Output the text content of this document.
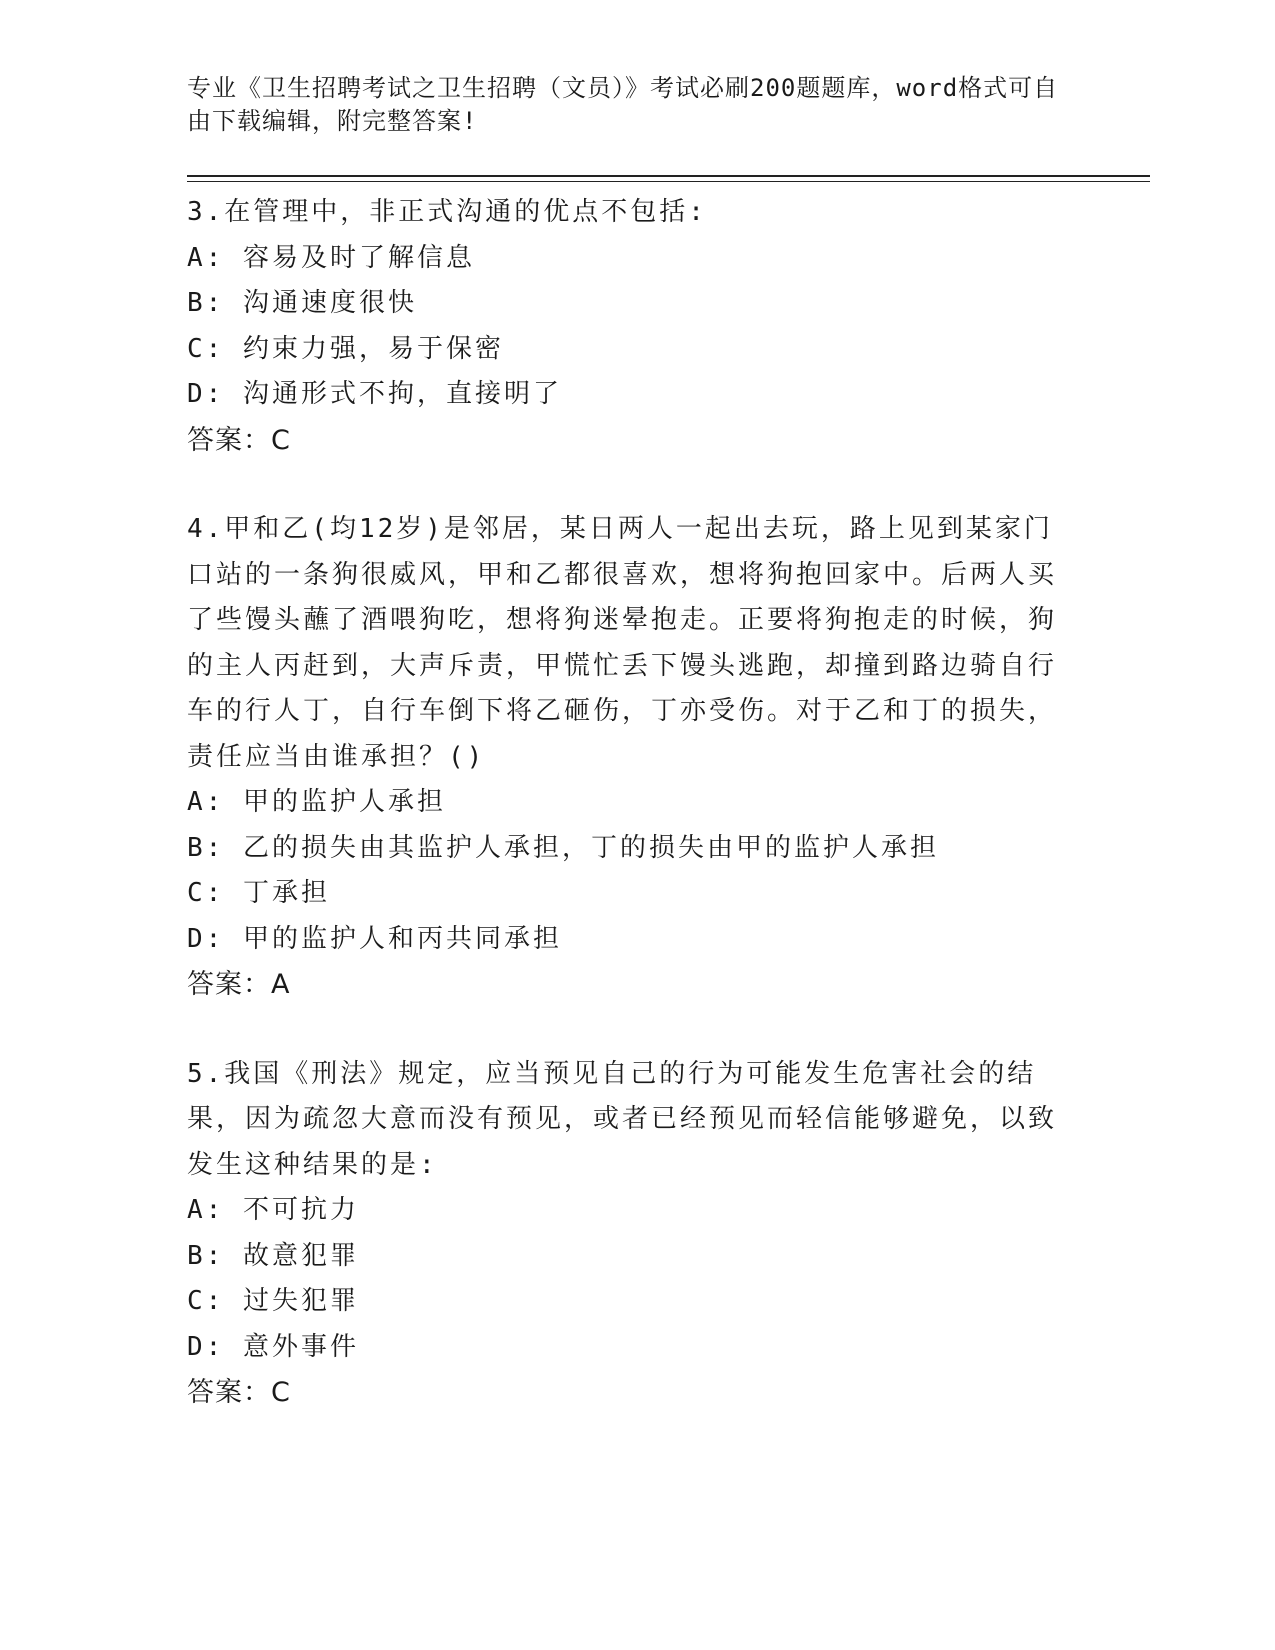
专业《卫生招聘考试之卫生招聘（文员）》考试必刷200题题库，word格式可自由下载编辑，附完整答案!
3.在管理中，非正式沟通的优点不包括:
A: 容易及时了解信息
B: 沟通速度很快
C: 约束力强，易于保密
D: 沟通形式不拘，直接明了
答案：C
4.甲和乙(均12岁)是邻居，某日两人一起出去玩，路上见到某家门口站的一条狗很威风，甲和乙都很喜欢，想将狗抱回家中。后两人买了些馒头蘸了酒喂狗吃，想将狗迷晕抱走。正要将狗抱走的时候，狗的主人丙赶到，大声斥责，甲慌忙丢下馒头逃跑，却撞到路边骑自行车的行人丁，自行车倒下将乙砸伤，丁亦受伤。对于乙和丁的损失，责任应当由谁承担？()
A: 甲的监护人承担
B: 乙的损失由其监护人承担，丁的损失由甲的监护人承担
C: 丁承担
D: 甲的监护人和丙共同承担
答案：A
5.我国《刑法》规定，应当预见自己的行为可能发生危害社会的结果，因为疏忽大意而没有预见，或者已经预见而轻信能够避免，以致发生这种结果的是:
A: 不可抗力
B: 故意犯罪
C: 过失犯罪
D: 意外事件
答案：C
